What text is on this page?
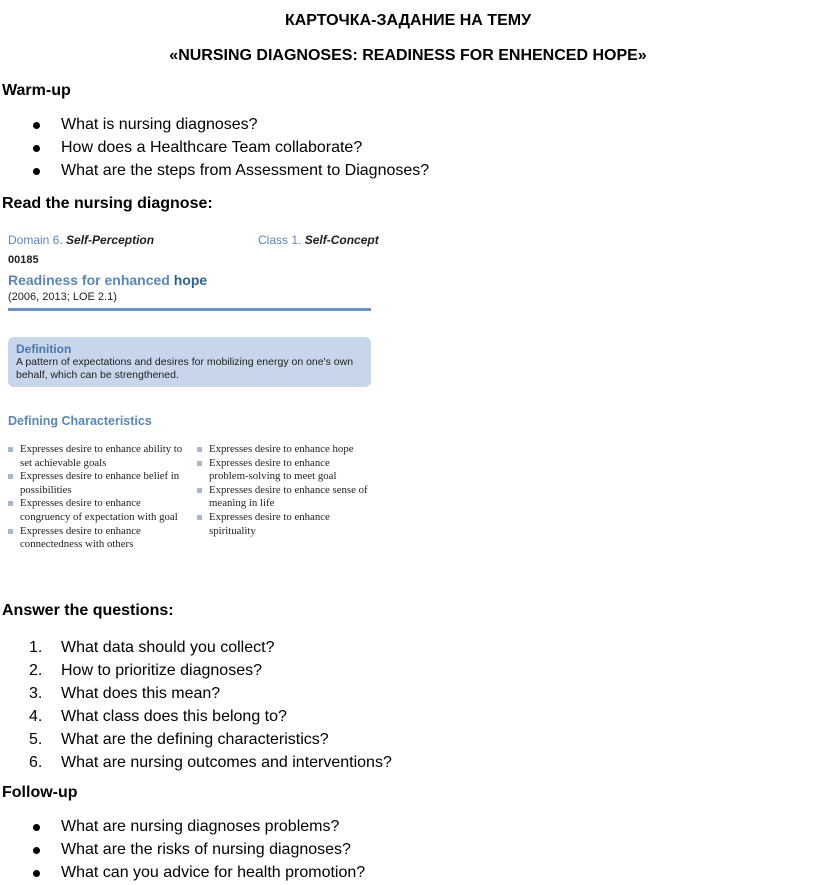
КАРТОЧКА-ЗАДАНИЕ НА ТЕМУ
«NURSING DIAGNOSES: READINESS FOR ENHENCED HOPE»
Warm-up
What is nursing diagnoses?
How does a Healthcare Team collaborate?
What are the steps from Assessment to Diagnoses?
Read the nursing diagnose:
Domain 6. Self-Perception	Class 1. Self-Concept
00185
Readiness for enhanced hope
(2006, 2013; LOE 2.1)
Definition
A pattern of expectations and desires for mobilizing energy on one's own behalf, which can be strengthened.
Defining Characteristics
Expresses desire to enhance ability to set achievable goals
Expresses desire to enhance belief in possibilities
Expresses desire to enhance congruency of expectation with goal
Expresses desire to enhance connectedness with others
Expresses desire to enhance hope
Expresses desire to enhance problem-solving to meet goal
Expresses desire to enhance sense of meaning in life
Expresses desire to enhance spirituality
Answer the questions:
1.	What data should you collect?
2.	How to prioritize diagnoses?
3.	What does this mean?
4.	What class does this belong to?
5.	What are the defining characteristics?
6.	What are nursing outcomes and interventions?
Follow-up
What are nursing diagnoses problems?
What are the risks of nursing diagnoses?
What can you advice for health promotion?
